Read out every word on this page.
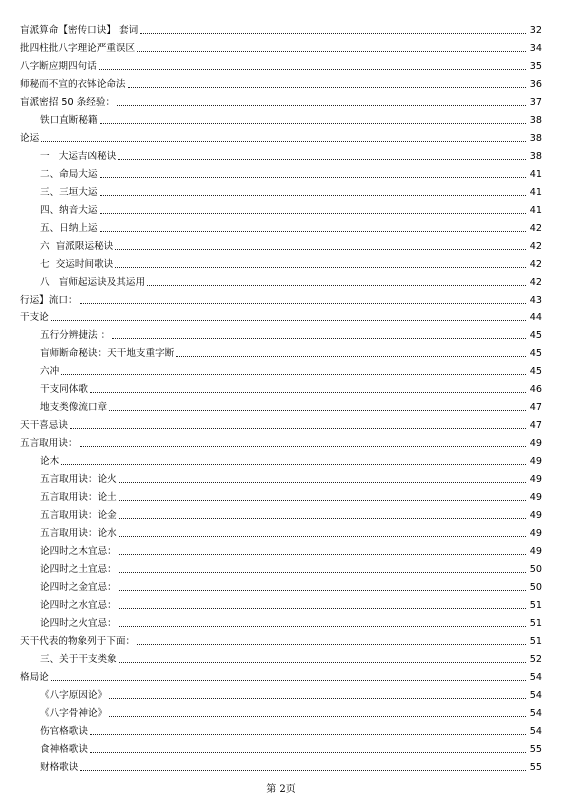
盲派算命【密传口诀】 套词	32
批四柱批八字理论严重误区	34
八字断应期四句话	35
师秘而不宣的衣钵论命法	36
盲派密招 50 条经验：	37
铁口直断秘籍	38
论运	38
一   大运吉凶秘诀	38
二、命局大运	41
三、三垣大运	41
四、纳音大运	41
五、日纳上运	42
六  盲派限运秘诀	42
七  交运时间歌诀	42
八   盲师起运诀及其运用	42
行运】流口：	43
干支论	44
五行分辨捷法 ：	45
盲师断命秘诀：天干地支重字断	45
六冲	45
干支同体歌	46
地支类像流口章	47
天干喜忌诀	47
五言取用诀：	49
论木	49
五言取用诀：论火	49
五言取用诀：论土	49
五言取用诀：论金	49
五言取用诀：论水	49
论四时之木宜忌：	49
论四时之土宜忌：	50
论四时之金宜忌：	50
论四时之水宜忌：	51
论四时之火宜忌：	51
天干代表的物象列于下面：	51
三、关于干支类象	52
格局论	54
《八字原因论》	54
《八字骨神论》	54
伤官格歌诀	54
食神格歌诀	55
财格歌诀	55
第 2页
